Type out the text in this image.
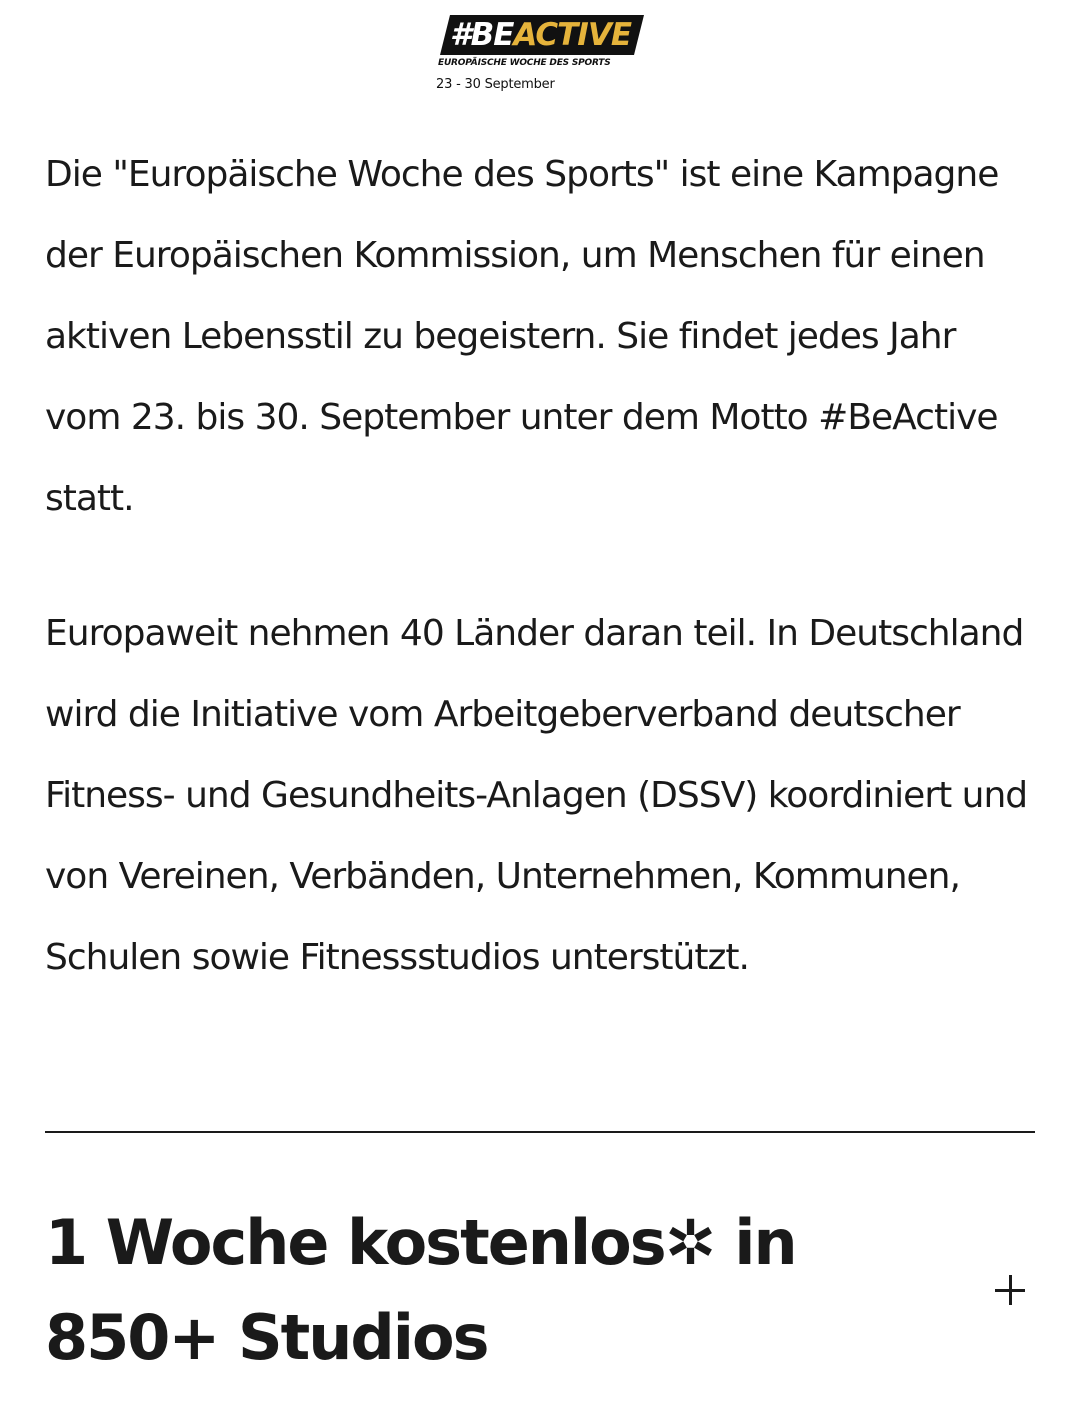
#BEACTIVE
EUROPÄISCHE WOCHE DES SPORTS
23 - 30 September

Die "Europäische Woche des Sports" ist eine Kampagne der Europäischen Kommission, um Menschen für einen aktiven Lebensstil zu begeistern. Sie findet jedes Jahr vom 23. bis 30. September unter dem Motto #BeActive statt.

Europaweit nehmen 40 Länder daran teil. In Deutschland wird die Initiative vom Arbeitgeberverband deutscher Fitness- und Gesundheits-Anlagen (DSSV) koordiniert und von Vereinen, Verbänden, Unternehmen, Kommunen, Schulen sowie Fitnessstudios unterstützt.

1 Woche kostenlos✲ in
850+ Studios
